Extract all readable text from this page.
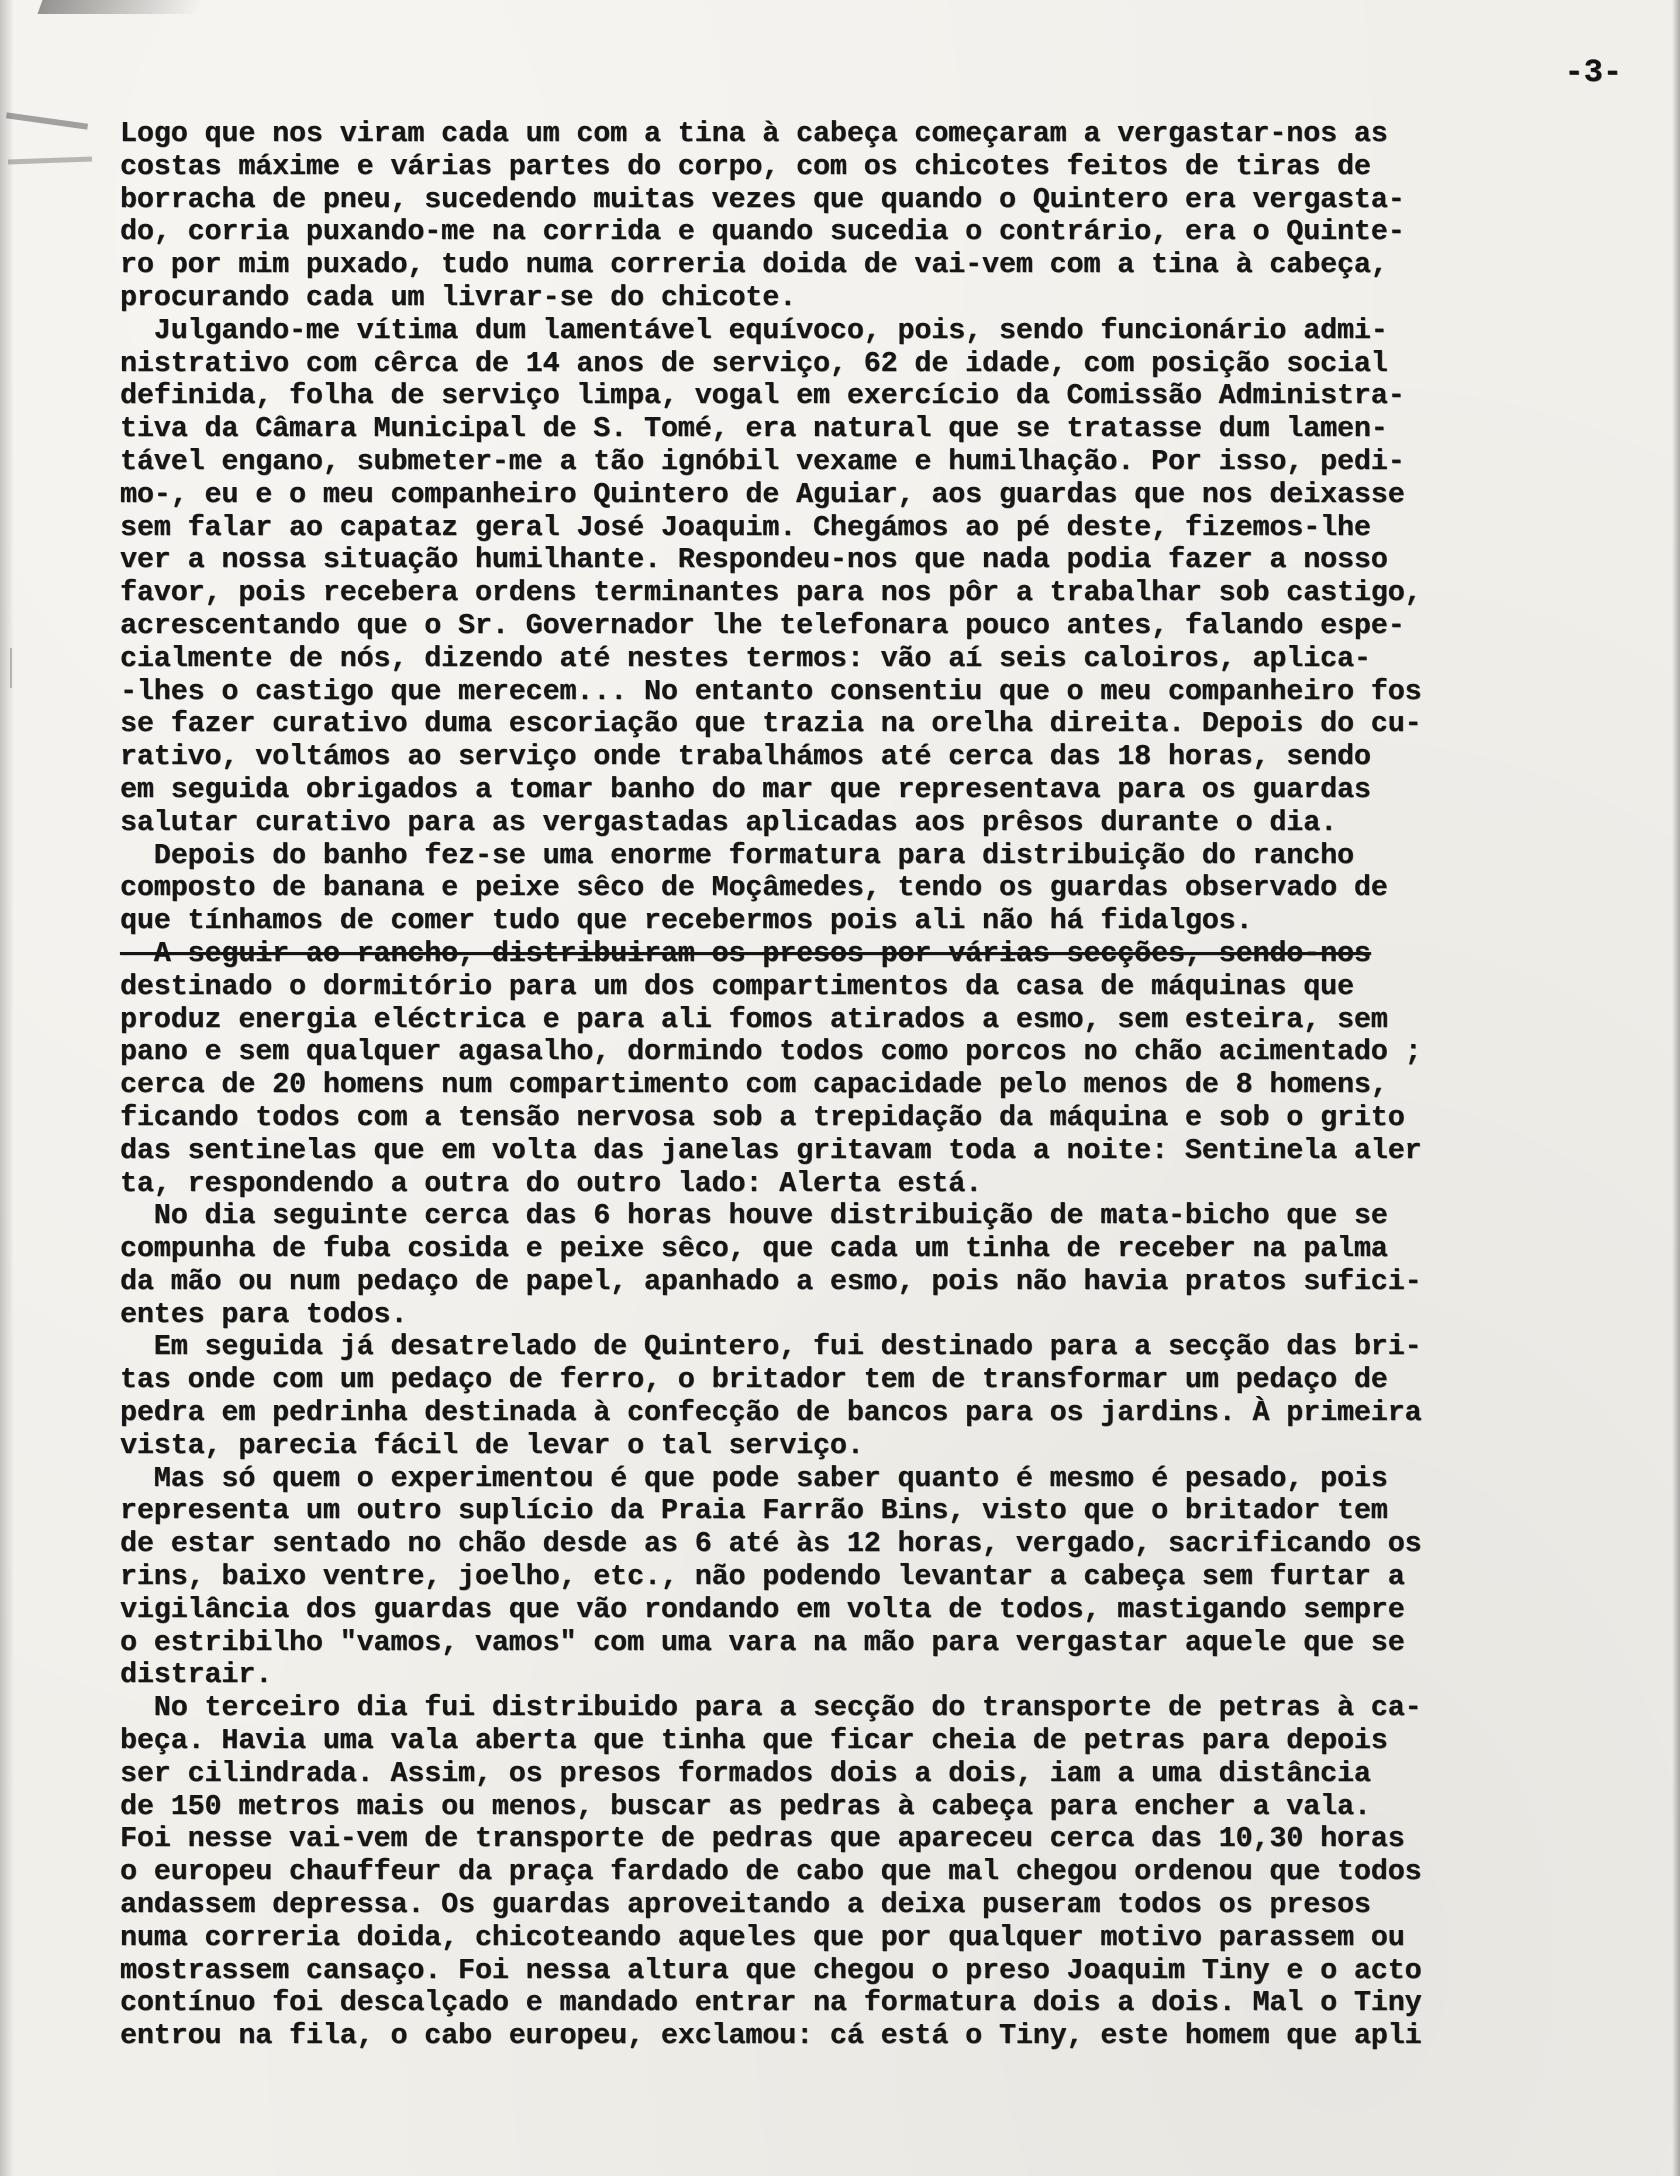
-3-
Logo que nos viram cada um com a tina à cabeça começaram a vergastar-nos as
costas máxime e várias partes do corpo, com os chicotes feitos de tiras de
borracha de pneu, sucedendo muitas vezes que quando o Quintero era vergasta-
do, corria puxando-me na corrida e quando sucedia o contrário, era o Quinte-
ro por mim puxado, tudo numa correria doida de vai-vem com a tina à cabeça,
procurando cada um livrar-se do chicote.
Julgando-me vítima dum lamentável equívoco, pois, sendo funcionário admi-
nistrativo com cêrca de 14 anos de serviço, 62 de idade, com posição social
definida, folha de serviço limpa, vogal em exercício da Comissão Administra-
tiva da Câmara Municipal de S. Tomé, era natural que se tratasse dum lamen-
tável engano, submeter-me a tão ignóbil vexame e humilhação. Por isso, pedi-
mo-, eu e o meu companheiro Quintero de Aguiar, aos guardas que nos deixasse
sem falar ao capataz geral José Joaquim. Chegámos ao pé deste, fizemos-lhe
ver a nossa situação humilhante. Respondeu-nos que nada podia fazer a nosso
favor, pois recebera ordens terminantes para nos pôr a trabalhar sob castigo,
acrescentando que o Sr. Governador lhe telefonara pouco antes, falando espe-
cialmente de nós, dizendo até nestes termos: vão aí seis caloiros, aplica-
-lhes o castigo que merecem... No entanto consentiu que o meu companheiro fos
se fazer curativo duma escoriação que trazia na orelha direita. Depois do cu-
rativo, voltámos ao serviço onde trabalhámos até cerca das 18 horas, sendo
em seguida obrigados a tomar banho do mar que representava para os guardas
salutar curativo para as vergastadas aplicadas aos prêsos durante o dia.
Depois do banho fez-se uma enorme formatura para distribuição do rancho
composto de banana e peixe sêco de Moçâmedes, tendo os guardas observado de
que tínhamos de comer tudo que recebermos pois ali não há fidalgos.
A seguir ao rancho, distribuiram os presos por várias secções, sendo-nos
destinado o dormitório para um dos compartimentos da casa de máquinas que
produz energia eléctrica e para ali fomos atirados a esmo, sem esteira, sem
pano e sem qualquer agasalho, dormindo todos como porcos no chão acimentado ;
cerca de 20 homens num compartimento com capacidade pelo menos de 8 homens,
ficando todos com a tensão nervosa sob a trepidação da máquina e sob o grito
das sentinelas que em volta das janelas gritavam toda a noite: Sentinela aler
ta, respondendo a outra do outro lado: Alerta está.
No dia seguinte cerca das 6 horas houve distribuição de mata-bicho que se
compunha de fuba cosida e peixe sêco, que cada um tinha de receber na palma
da mão ou num pedaço de papel, apanhado a esmo, pois não havia pratos sufici-
entes para todos.
Em seguida já desatrelado de Quintero, fui destinado para a secção das bri-
tas onde com um pedaço de ferro, o britador tem de transformar um pedaço de
pedra em pedrinha destinada à confecção de bancos para os jardins. À primeira
vista, parecia fácil de levar o tal serviço.
Mas só quem o experimentou é que pode saber quanto é mesmo é pesado, pois
representa um outro suplício da Praia Farrão Bins, visto que o britador tem
de estar sentado no chão desde as 6 até às 12 horas, vergado, sacrificando os
rins, baixo ventre, joelho, etc., não podendo levantar a cabeça sem furtar a
vigilância dos guardas que vão rondando em volta de todos, mastigando sempre
o estribilho "vamos, vamos" com uma vara na mão para vergastar aquele que se
distrair.
No terceiro dia fui distribuido para a secção do transporte de petras à ca-
beça. Havia uma vala aberta que tinha que ficar cheia de petras para depois
ser cilindrada. Assim, os presos formados dois a dois, iam a uma distância
de 150 metros mais ou menos, buscar as pedras à cabeça para encher a vala.
Foi nesse vai-vem de transporte de pedras que apareceu cerca das 10,30 horas
o europeu chauffeur da praça fardado de cabo que mal chegou ordenou que todos
andassem depressa. Os guardas aproveitando a deixa puseram todos os presos
numa correria doida, chicoteando aqueles que por qualquer motivo parassem ou
mostrassem cansaço. Foi nessa altura que chegou o preso Joaquim Tiny e o acto
contínuo foi descalçado e mandado entrar na formatura dois a dois. Mal o Tiny
entrou na fila, o cabo europeu, exclamou: cá está o Tiny, este homem que apli
